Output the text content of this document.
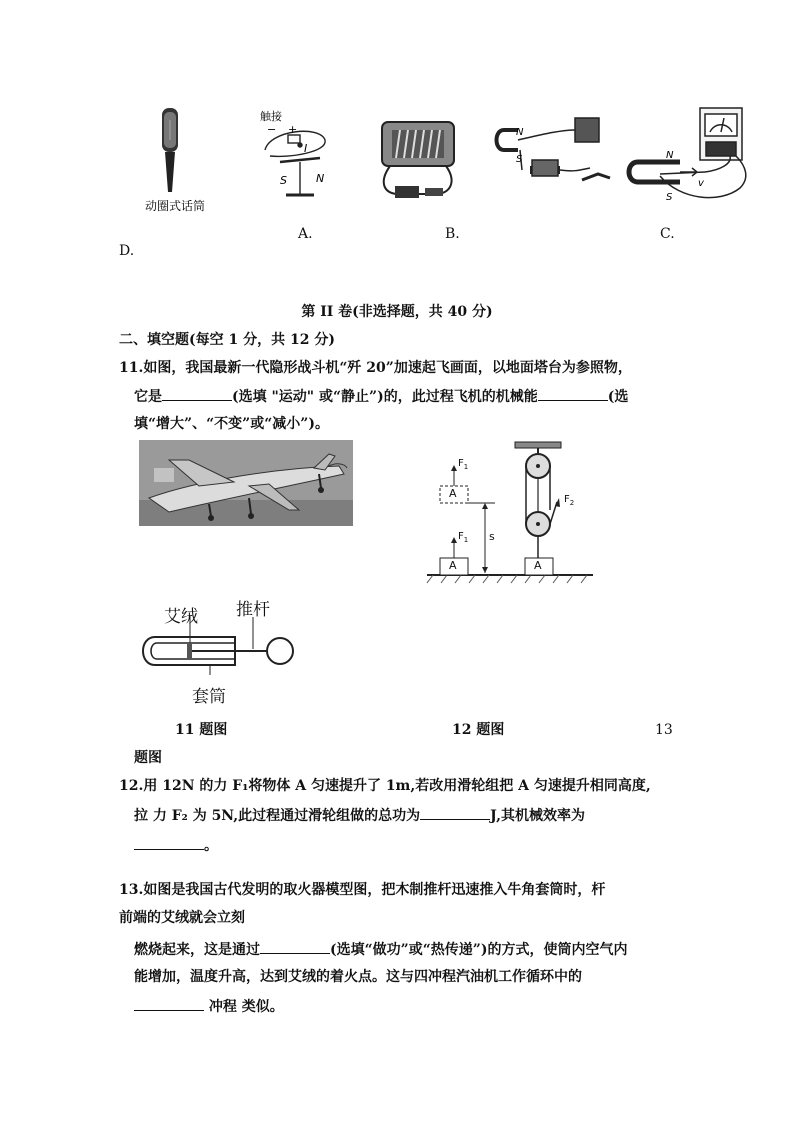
动圈式话筒
触接
− +
I
S	N
N
S	N
S
v
A.	B.	C.
D.
第 II 卷(非选择题，共 40 分)
二、填空题(每空 1 分，共 12 分)
11.如图，我国最新一代隐形战斗机“歼 20”加速起飞画面，以地面塔台为参照物，
它是	(选填 "运动" 或“静止”)的，此过程飞机的机械能	(选
填“增大”、“不变”或“减小”)。
$F_1$
$F_1$
$F_2$
A
A	A
s
艾绒 推杆
套筒
11 题图	12 题图	13
题图
12.用 12N 的力 F₁将物体 A 匀速提升了 1m,若改用滑轮组把 A 匀速提升相同高度,
拉 力 F₂ 为 5N,此过程通过滑轮组做的总功为	J,其机械效率为
。
13.如图是我国古代发明的取火器模型图，把木制推杆迅速推入牛角套筒时，杆
前端的艾绒就会立刻
燃烧起来，这是通过	(选填“做功”或“热传递”)的方式，使筒内空气内
能增加，温度升高，达到艾绒的着火点。这与四冲程汽油机工作循环中的
冲程 类似。
